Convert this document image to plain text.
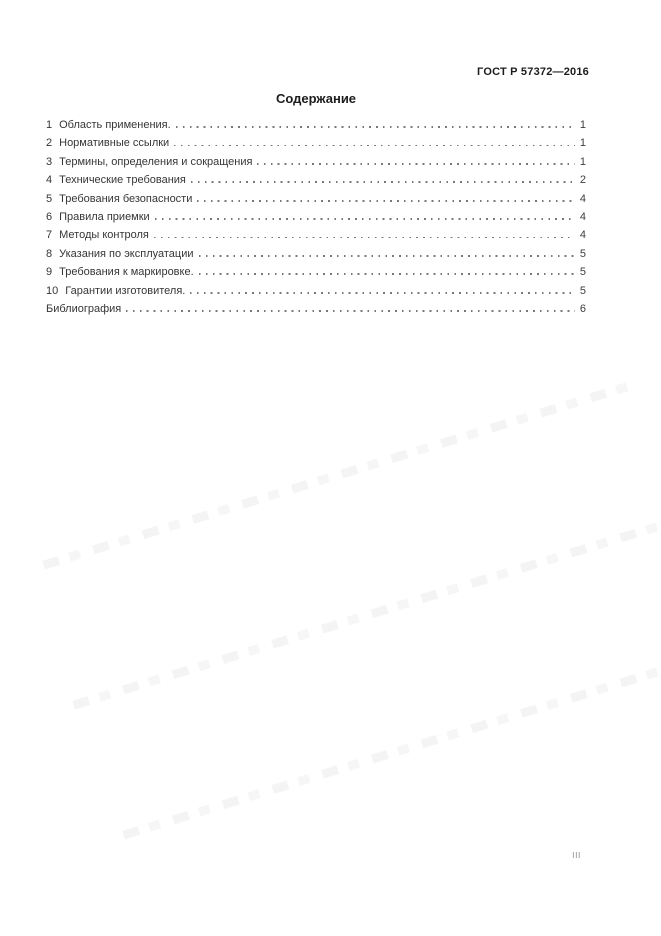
ГОСТ Р 57372—2016
Содержание
1 Область применения.	1
2 Нормативные ссылки	1
3 Термины, определения и сокращения	1
4 Технические требования	2
5 Требования безопасности	4
6 Правила приемки	4
7 Методы контроля	4
8 Указания по эксплуатации	5
9 Требования к маркировке.	5
10 Гарантии изготовителя.	5
Библиография	6
III
